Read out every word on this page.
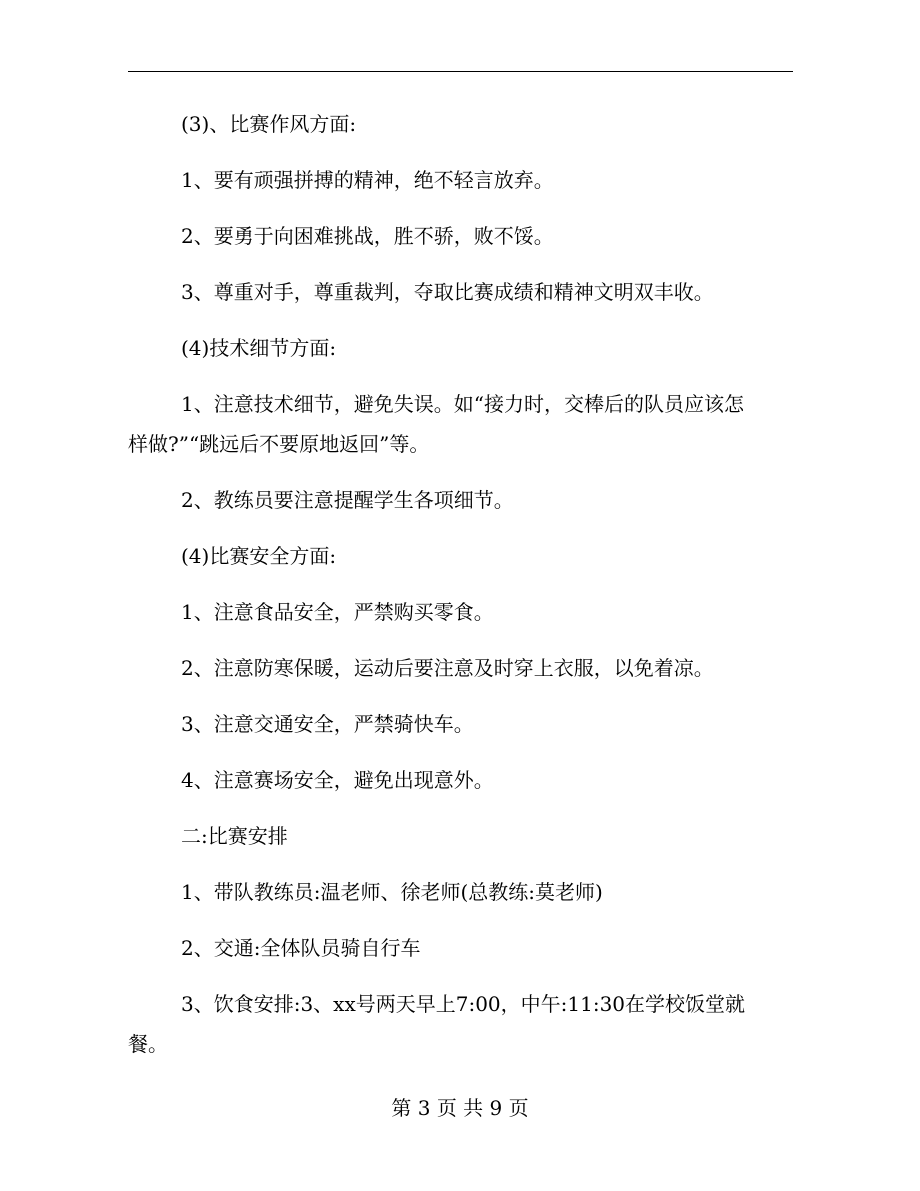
(3)、比赛作风方面:
1、要有顽强拼搏的精神，绝不轻言放弃。
2、要勇于向困难挑战，胜不骄，败不馁。
3、尊重对手，尊重裁判，夺取比赛成绩和精神文明双丰收。
(4)技术细节方面:
1、注意技术细节，避免失误。如“接力时，交棒后的队员应该怎
样做?”“跳远后不要原地返回”等。
2、教练员要注意提醒学生各项细节。
(4)比赛安全方面:
1、注意食品安全，严禁购买零食。
2、注意防寒保暖，运动后要注意及时穿上衣服，以免着凉。
3、注意交通安全，严禁骑快车。
4、注意赛场安全，避免出现意外。
二:比赛安排
1、带队教练员:温老师、徐老师(总教练:莫老师)
2、交通:全体队员骑自行车
3、饮食安排:3、xx号两天早上7:00，中午:11:30在学校饭堂就
餐。
第 3 页 共 9 页
